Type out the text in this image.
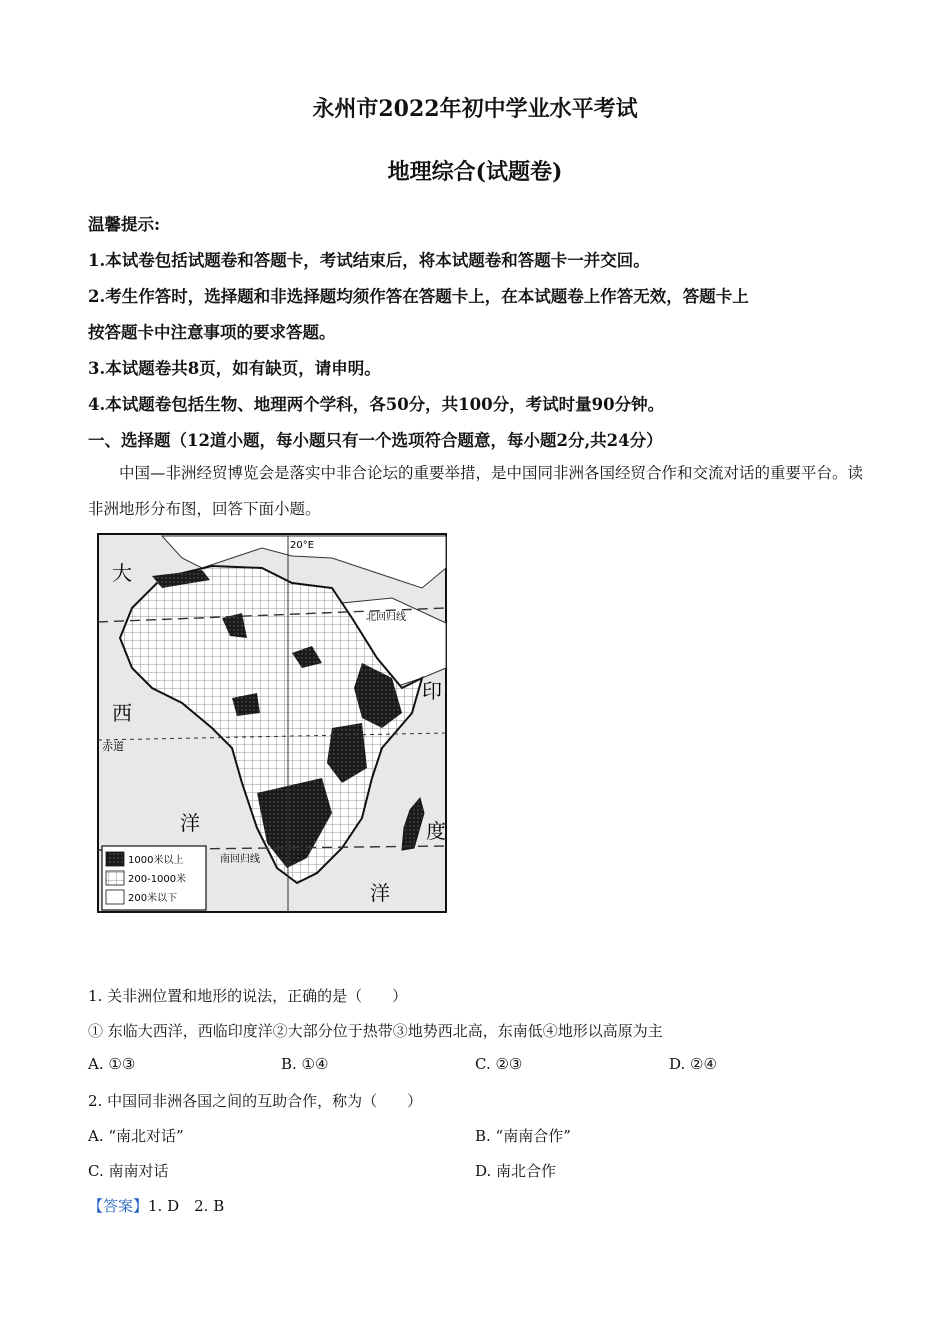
永州市2022年初中学业水平考试
地理综合(试题卷)
温馨提示:
1.本试卷包括试题卷和答题卡，考试结束后，将本试题卷和答题卡一并交回。
2.考生作答时，选择题和非选择题均须作答在答题卡上，在本试题卷上作答无效，答题卡上
按答题卡中注意事项的要求答题。
3.本试题卷共8页，如有缺页，请申明。
4.本试题卷包括生物、地理两个学科，各50分，共100分，考试时量90分钟。
一、选择题（12道小题，每小题只有一个选项符合题意，每小题2分,共24分）
中国—非洲经贸博览会是落实中非合论坛的重要举措，是中国同非洲各国经贸合作和交流对话的重要平台。读非洲地形分布图，回答下面小题。
20°E
北回归线
赤道
南回归线
大
西
洋
印
度
洋
1000米以上
200-1000米
200米以下
1. 关非洲位置和地形的说法，正确的是（　　）
① 东临大西洋，西临印度洋②大部分位于热带③地势西北高，东南低④地形以高原为主
A. ①③	B. ①④	C. ②③	D. ②④
2. 中国同非洲各国之间的互助合作，称为（　　）
A. “南北对话”	B. “南南合作”
C. 南南对话	D. 南北合作
【答案】1. D　2. B
